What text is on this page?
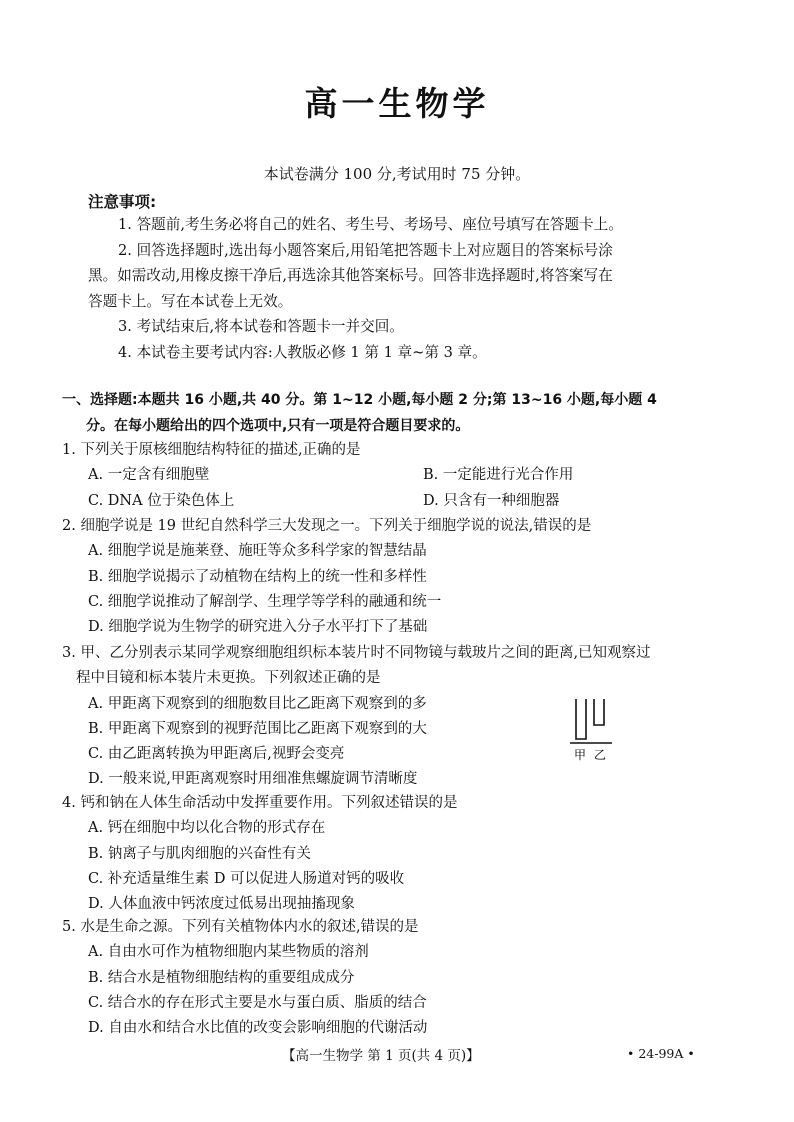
高一生物学
本试卷满分 100 分,考试用时 75 分钟。
注意事项:

1. 答题前,考生务必将自己的姓名、考生号、考场号、座位号填写在答题卡上。

2. 回答选择题时,选出每小题答案后,用铅笔把答题卡上对应题目的答案标号涂

黑。如需改动,用橡皮擦干净后,再选涂其他答案标号。回答非选择题时,将答案写在

答题卡上。写在本试卷上无效。

3. 考试结束后,将本试卷和答题卡一并交回。

4. 本试卷主要考试内容:人教版必修 1 第 1 章~第 3 章。

一、选择题:本题共 16 小题,共 40 分。第 1~12 小题,每小题 2 分;第 13~16 小题,每小题 4
分。在每小题给出的四个选项中,只有一项是符合题目要求的。

1. 下列关于原核细胞结构特征的描述,正确的是

A. 一定含有细胞壁	B. 一定能进行光合作用
C. DNA 位于染色体上	D. 只含有一种细胞器

2. 细胞学说是 19 世纪自然科学三大发现之一。下列关于细胞学说的说法,错误的是

A. 细胞学说是施莱登、施旺等众多科学家的智慧结晶
B. 细胞学说揭示了动植物在结构上的统一性和多样性
C. 细胞学说推动了解剖学、生理学等学科的融通和统一
D. 细胞学说为生物学的研究进入分子水平打下了基础

3. 甲、乙分别表示某同学观察细胞组织标本装片时不同物镜与载玻片之间的距离,已知观察过

程中目镜和标本装片未更换。下列叙述正确的是

A. 甲距离下观察到的细胞数目比乙距离下观察到的多
B. 甲距离下观察到的视野范围比乙距离下观察到的大
C. 由乙距离转换为甲距离后,视野会变亮
D. 一般来说,甲距离观察时用细准焦螺旋调节清晰度
甲 乙

4. 钙和钠在人体生命活动中发挥重要作用。下列叙述错误的是

A. 钙在细胞中均以化合物的形式存在
B. 钠离子与肌肉细胞的兴奋性有关
C. 补充适量维生素 D 可以促进人肠道对钙的吸收
D. 人体血液中钙浓度过低易出现抽搐现象

5. 水是生命之源。下列有关植物体内水的叙述,错误的是

A. 自由水可作为植物细胞内某些物质的溶剂
B. 结合水是植物细胞结构的重要组成成分
C. 结合水的存在形式主要是水与蛋白质、脂质的结合
D. 自由水和结合水比值的改变会影响细胞的代谢活动
【高一生物学 第 1 页(共 4 页)】	• 24-99A •
